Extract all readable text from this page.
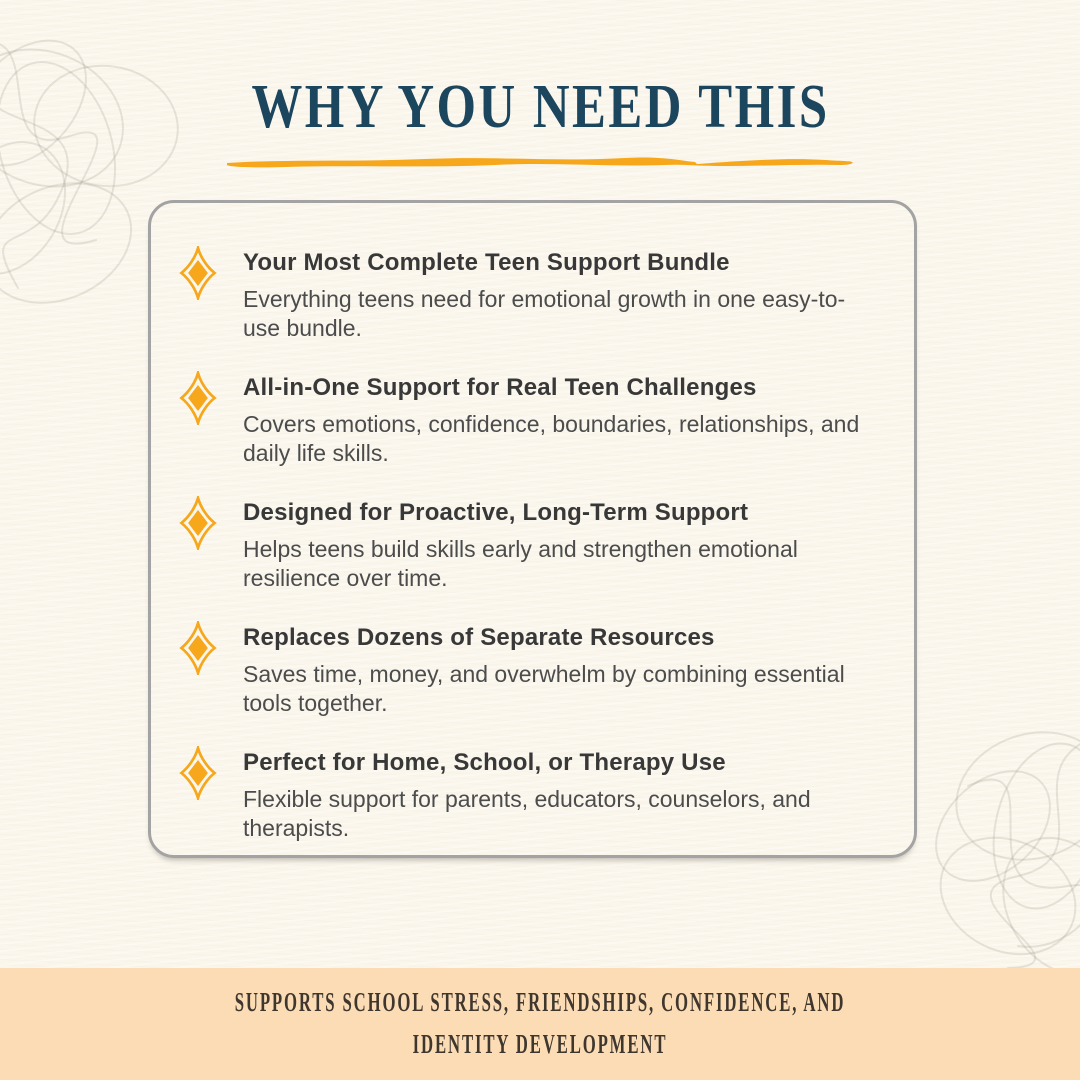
WHY YOU NEED THIS
Your Most Complete Teen Support Bundle

Everything teens need for emotional growth in one easy-to-use bundle.

All-in-One Support for Real Teen Challenges

Covers emotions, confidence, boundaries, relationships, and daily life skills.

Designed for Proactive, Long-Term Support

Helps teens build skills early and strengthen emotional resilience over time.

Replaces Dozens of Separate Resources

Saves time, money, and overwhelm by combining essential tools together.

Perfect for Home, School, or Therapy Use

Flexible support for parents, educators, counselors, and therapists.

SUPPORTS SCHOOL STRESS, FRIENDSHIPS, CONFIDENCE, AND IDENTITY DEVELOPMENT
